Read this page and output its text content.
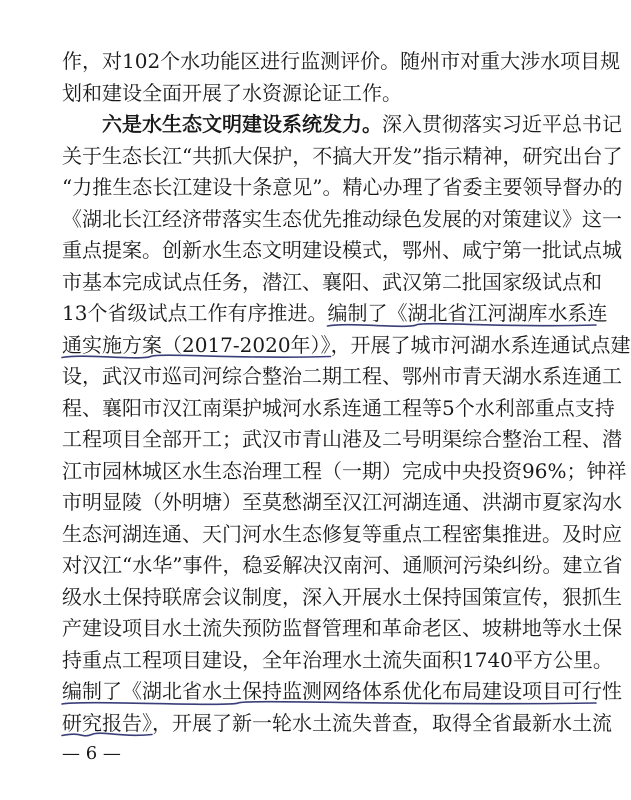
作，对102个水功能区进行监测评价。随州市对重大涉水项目规
划和建设全面开展了水资源论证工作。
六是水生态文明建设系统发力。深入贯彻落实习近平总书记
关于生态长江“共抓大保护，不搞大开发”指示精神，研究出台了
“力推生态长江建设十条意见”。精心办理了省委主要领导督办的
《湖北长江经济带落实生态优先推动绿色发展的对策建议》这一
重点提案。创新水生态文明建设模式，鄂州、咸宁第一批试点城
市基本完成试点任务，潜江、襄阳、武汉第二批国家级试点和
13个省级试点工作有序推进。编制了《湖北省江河湖库水系连
通实施方案（2017-2020年）》，开展了城市河湖水系连通试点建
设，武汉市巡司河综合整治二期工程、鄂州市青天湖水系连通工
程、襄阳市汉江南渠护城河水系连通工程等5个水利部重点支持
工程项目全部开工；武汉市青山港及二号明渠综合整治工程、潜
江市园林城区水生态治理工程（一期）完成中央投资96%；钟祥
市明显陵（外明塘）至莫愁湖至汉江河湖连通、洪湖市夏家沟水
生态河湖连通、天门河水生态修复等重点工程密集推进。及时应
对汉江“水华”事件，稳妥解决汉南河、通顺河污染纠纷。建立省
— 6 —
级水土保持联席会议制度，深入开展水土保持国策宣传，狠抓生
产建设项目水土流失预防监督管理和革命老区、坡耕地等水土保
持重点工程项目建设，全年治理水土流失面积1740平方公里。
编制了《湖北省水土保持监测网络体系优化布局建设项目可行性
研究报告》，开展了新一轮水土流失普查，取得全省最新水土流
